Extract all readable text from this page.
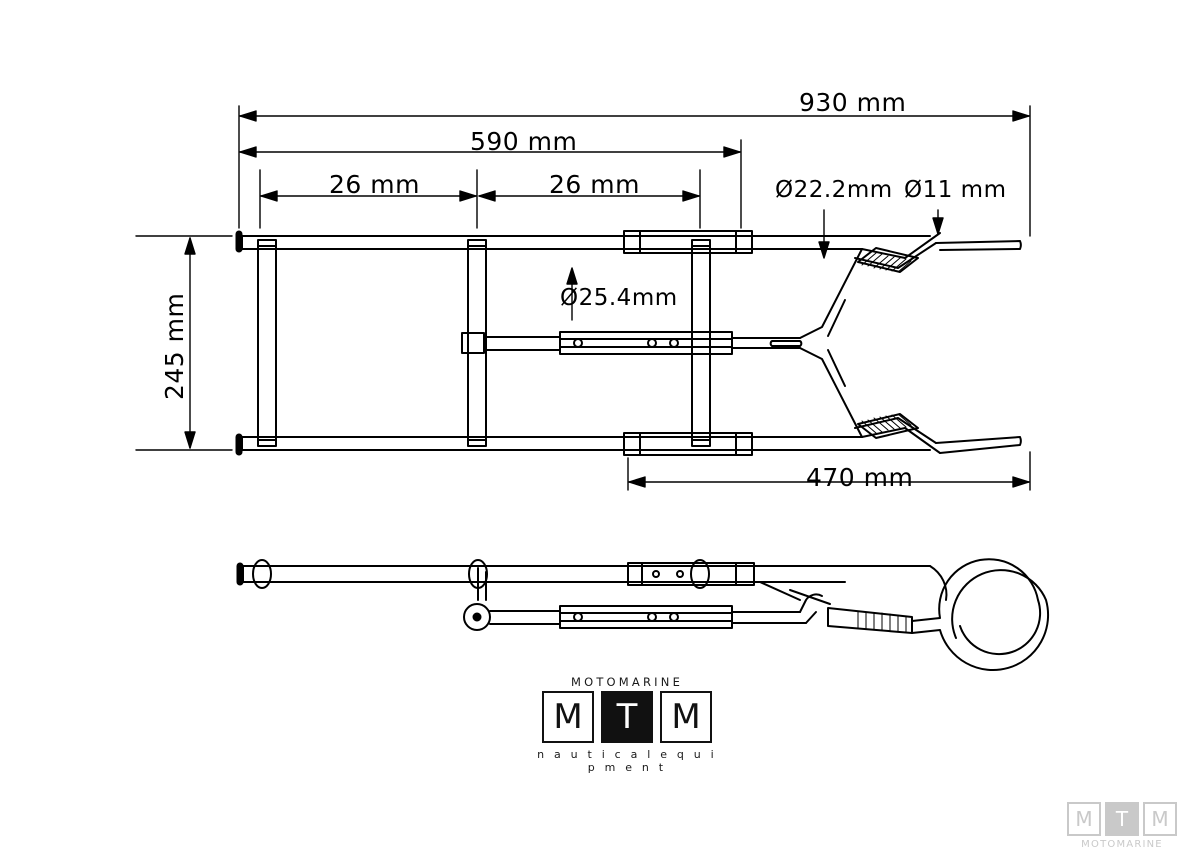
930 mm
590 mm
26 mm	26 mm
245 mm
470 mm
Ø25.4mm
Ø22.2mm Ø11 mm
MOTOMARINE
M T M
n a u t i c a l e q u i p m e n t
M	T	M
MOTOMARINE
